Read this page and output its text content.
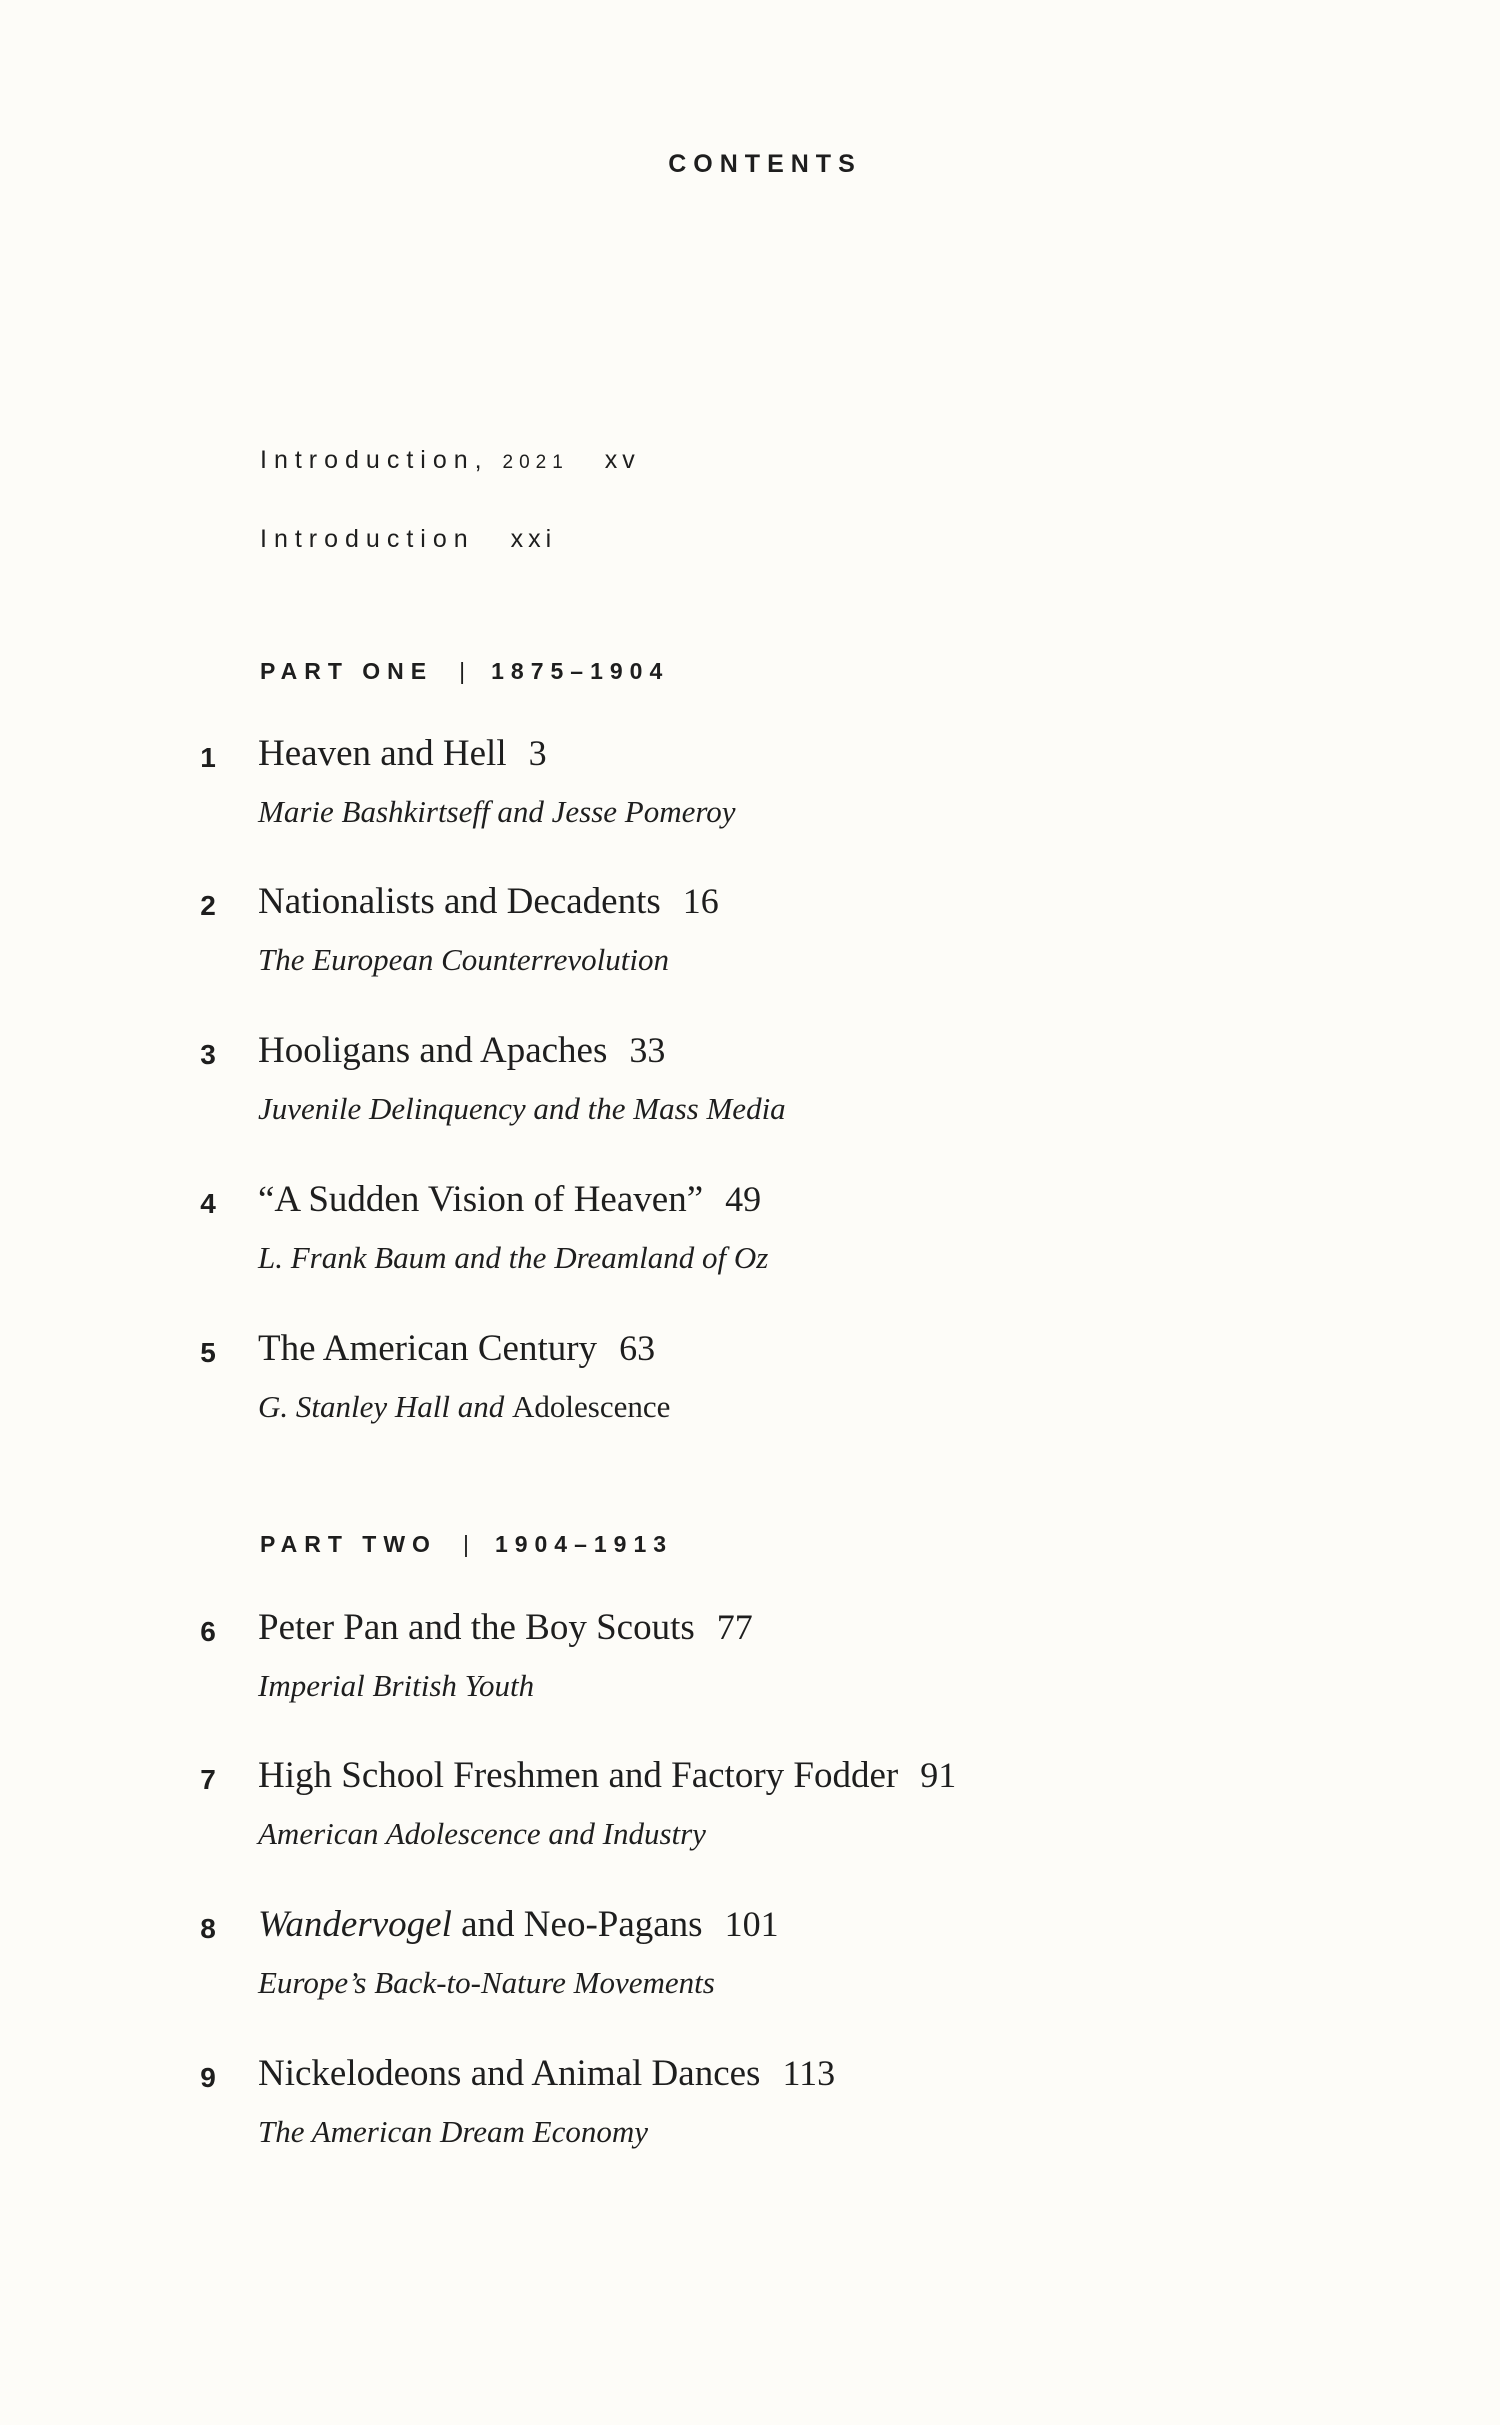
CONTENTS
Introduction, 2021 xv
Introduction xxi
PART ONE | 1875–1904
1 Heaven and Hell 3
Marie Bashkirtseff and Jesse Pomeroy
2 Nationalists and Decadents 16
The European Counterrevolution
3 Hooligans and Apaches 33
Juvenile Delinquency and the Mass Media
4 “A Sudden Vision of Heaven” 49
L. Frank Baum and the Dreamland of Oz
5 The American Century 63
G. Stanley Hall and Adolescence
PART TWO | 1904–1913
6 Peter Pan and the Boy Scouts 77
Imperial British Youth
7 High School Freshmen and Factory Fodder 91
American Adolescence and Industry
8 Wandervogel and Neo-Pagans 101
Europe’s Back-to-Nature Movements
9 Nickelodeons and Animal Dances 113
The American Dream Economy
